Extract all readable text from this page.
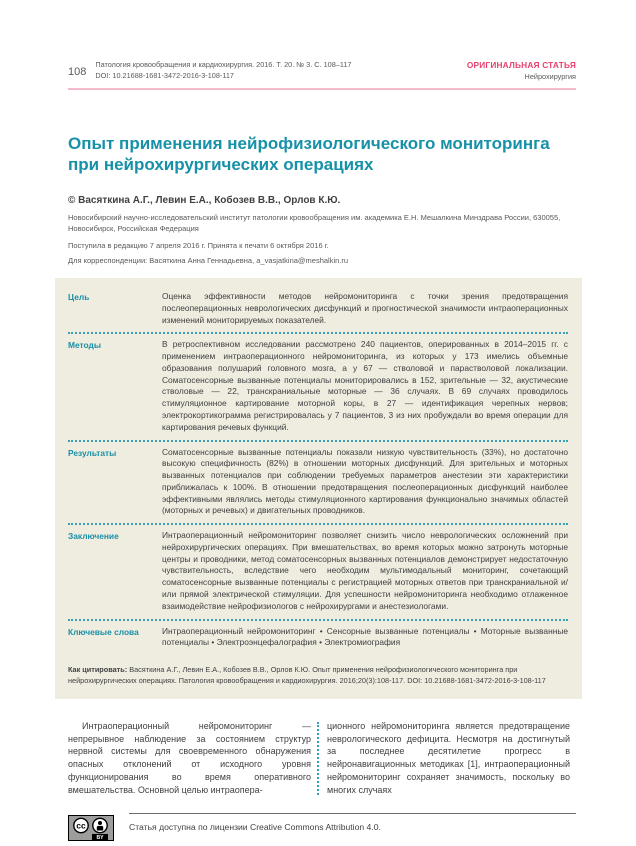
108
Патология кровообращения и кардиохирургия. 2016. Т. 20. № 3. С. 108–117
DOI: 10.21688-1681-3472-2016-3-108-117
ОРИГИНАЛЬНАЯ СТАТЬЯ
Нейрохирургия
Опыт применения нейрофизиологического мониторинга
при нейрохирургических операциях
© Васяткина А.Г., Левин Е.А., Кобозев В.В., Орлов К.Ю.
Новосибирский научно-исследовательский институт патологии кровообращения им. академика Е.Н. Мешалкина Минздрава России, 630055, Новосибирск, Российская Федерация
Поступила в редакцию 7 апреля 2016 г. Принята к печати 6 октября 2016 г.
Для корреспонденции: Васяткина Анна Геннадьевна, a_vasjatkina@meshalkin.ru
Цель	Оценка эффективности методов нейромониторинга с точки зрения предотвращения послеоперационных неврологических дисфункций и прогностической значимости интраоперационных изменений мониторируемых показателей.
Методы	В ретроспективном исследовании рассмотрено 240 пациентов, оперированных в 2014–2015 гг. с применением интраоперационного нейромониторинга, из которых у 173 имелись объемные образования полушарий головного мозга, а у 67 — стволовой и парастволовой локализации. Соматосенсорные вызванные потенциалы мониторировались в 152, зрительные — 32, акустические стволовые — 22, транскраниальные моторные — 36 случаях. В 69 случаях проводилось стимуляционное картирование моторной коры, в 27 — идентификация черепных нервов; электрокортикограмма регистрировалась у 7 пациентов, 3 из них пробуждали во время операции для картирования речевых функций.
Результаты	Соматосенсорные вызванные потенциалы показали низкую чувствительность (33%), но достаточно высокую специфичность (82%) в отношении моторных дисфункций. Для зрительных и моторных вызванных потенциалов при соблюдении требуемых параметров анестезии эти характеристики приближалась к 100%. В отношении предотвращения послеоперационных дисфункций наиболее эффективными являлись методы стимуляционного картирования функционально значимых областей (моторных и речевых) и двигательных проводников.
Заключение	Интраоперационный нейромониторинг позволяет снизить число неврологических осложнений при нейрохирургических операциях. При вмешательствах, во время которых можно затронуть моторные центры и проводники, метод соматосенсорных вызванных потенциалов демонстрирует недостаточную чувствительность, вследствие чего необходим мультимодальный мониторинг, сочетающий соматосенсорные вызванные потенциалы с регистрацией моторных ответов при транскраниальной и/или прямой электрической стимуляции. Для успешности нейромониторинга необходимо отлаженное взаимодействие нейрофизиологов с нейрохирургами и анестезиологами.
Ключевые слова	Интраоперационный нейромониторинг • Сенсорные вызванные потенциалы • Моторные вызванные потенциалы • Электроэнцефалография • Электромиография
Как цитировать: Васяткина А.Г., Левин Е.А., Кобозев В.В., Орлов К.Ю. Опыт применения нейрофизиологического мониторинга при нейрохирургических операциях. Патология кровообращения и кардиохирургия. 2016;20(3):108-117. DOI: 10.21688-1681-3472-2016-3-108-117
Интраоперационный нейромониторинг — непрерывное наблюдение за состоянием структур нервной системы для своевременного обнаружения опасных отклонений от исходного уровня функционирования во время оперативного вмешательства. Основной целью интраопера-
ционного нейромониторинга является предотвращение неврологического дефицита. Несмотря на достигнутый за последнее десятилетие прогресс в нейронавигационных методиках [1], интраоперационный нейромониторинг сохраняет значимость, поскольку во многих случаях
cc
BY
Статья доступна по лицензии Creative Commons Attribution 4.0.
